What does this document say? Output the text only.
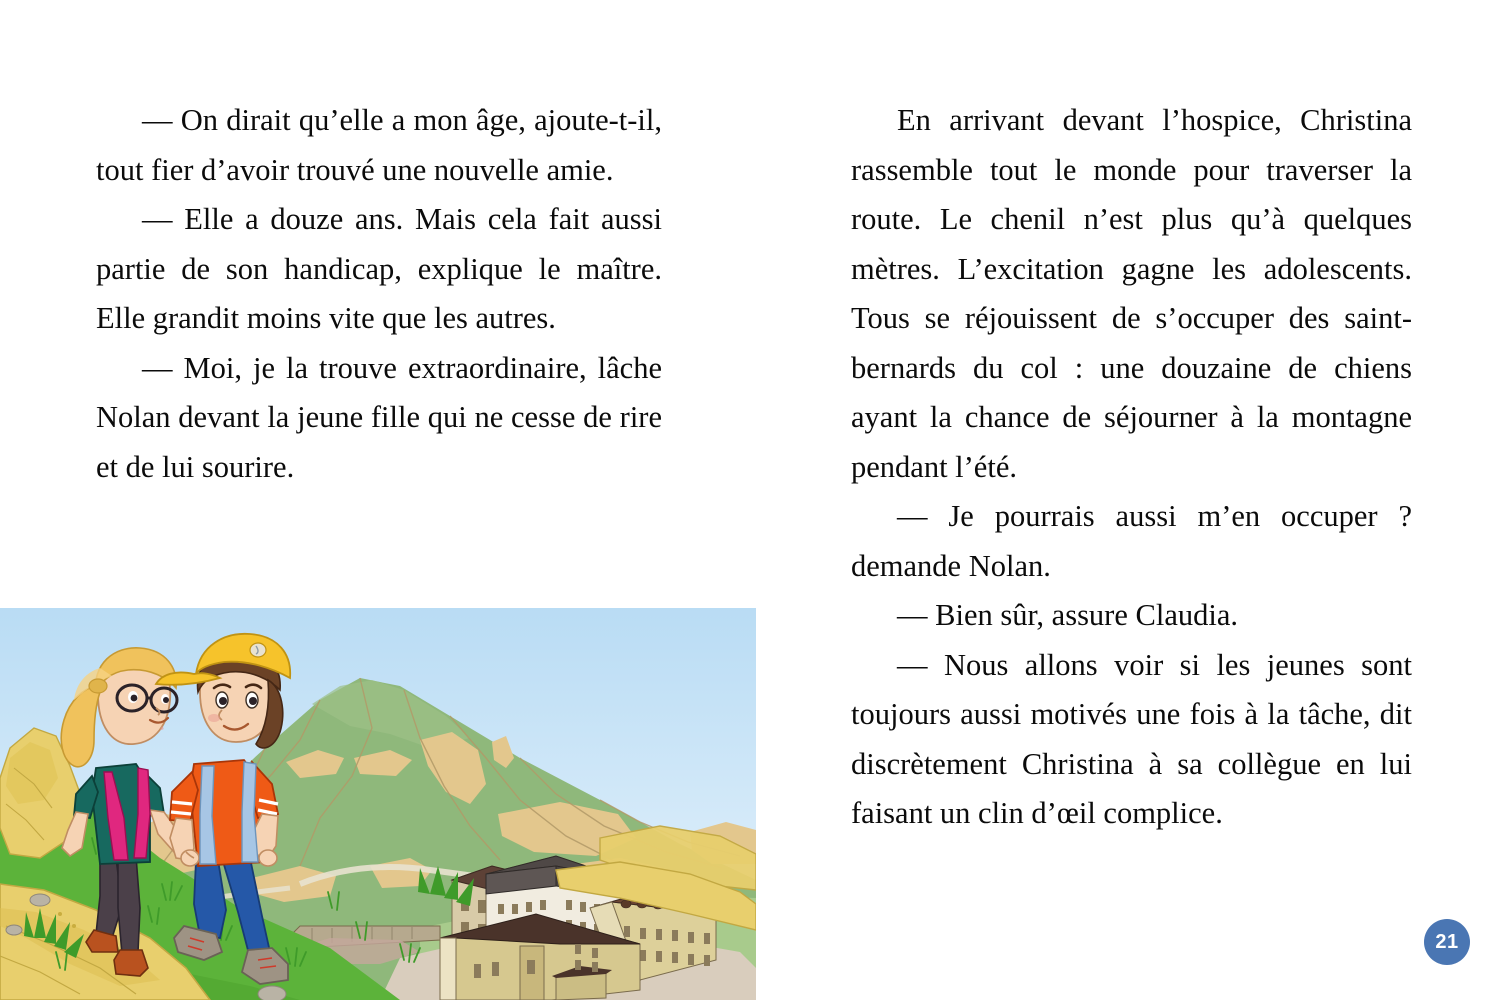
— On dirait qu’elle a mon âge, ajoute-t-il, tout fier d’avoir trouvé une nouvelle amie.

— Elle a douze ans. Mais cela fait aussi partie de son handicap, explique le maître. Elle grandit moins vite que les autres.

— Moi, je la trouve extraordinaire, lâche Nolan devant la jeune fille qui ne cesse de rire et de lui sourire.

En arrivant devant l’hospice, Christina rassemble tout le monde pour traverser la route. Le chenil n’est plus qu’à quelques mètres. L’excitation gagne les adolescents. Tous se réjouissent de s’occuper des saint-bernards du col : une douzaine de chiens ayant la chance de séjourner à la montagne pendant l’été.

— Je pourrais aussi m’en occuper ? demande Nolan.

— Bien sûr, assure Claudia.

— Nous allons voir si les jeunes sont toujours aussi motivés une fois à la tâche, dit discrètement Christina à sa collègue en lui faisant un clin d’œil complice.

21
